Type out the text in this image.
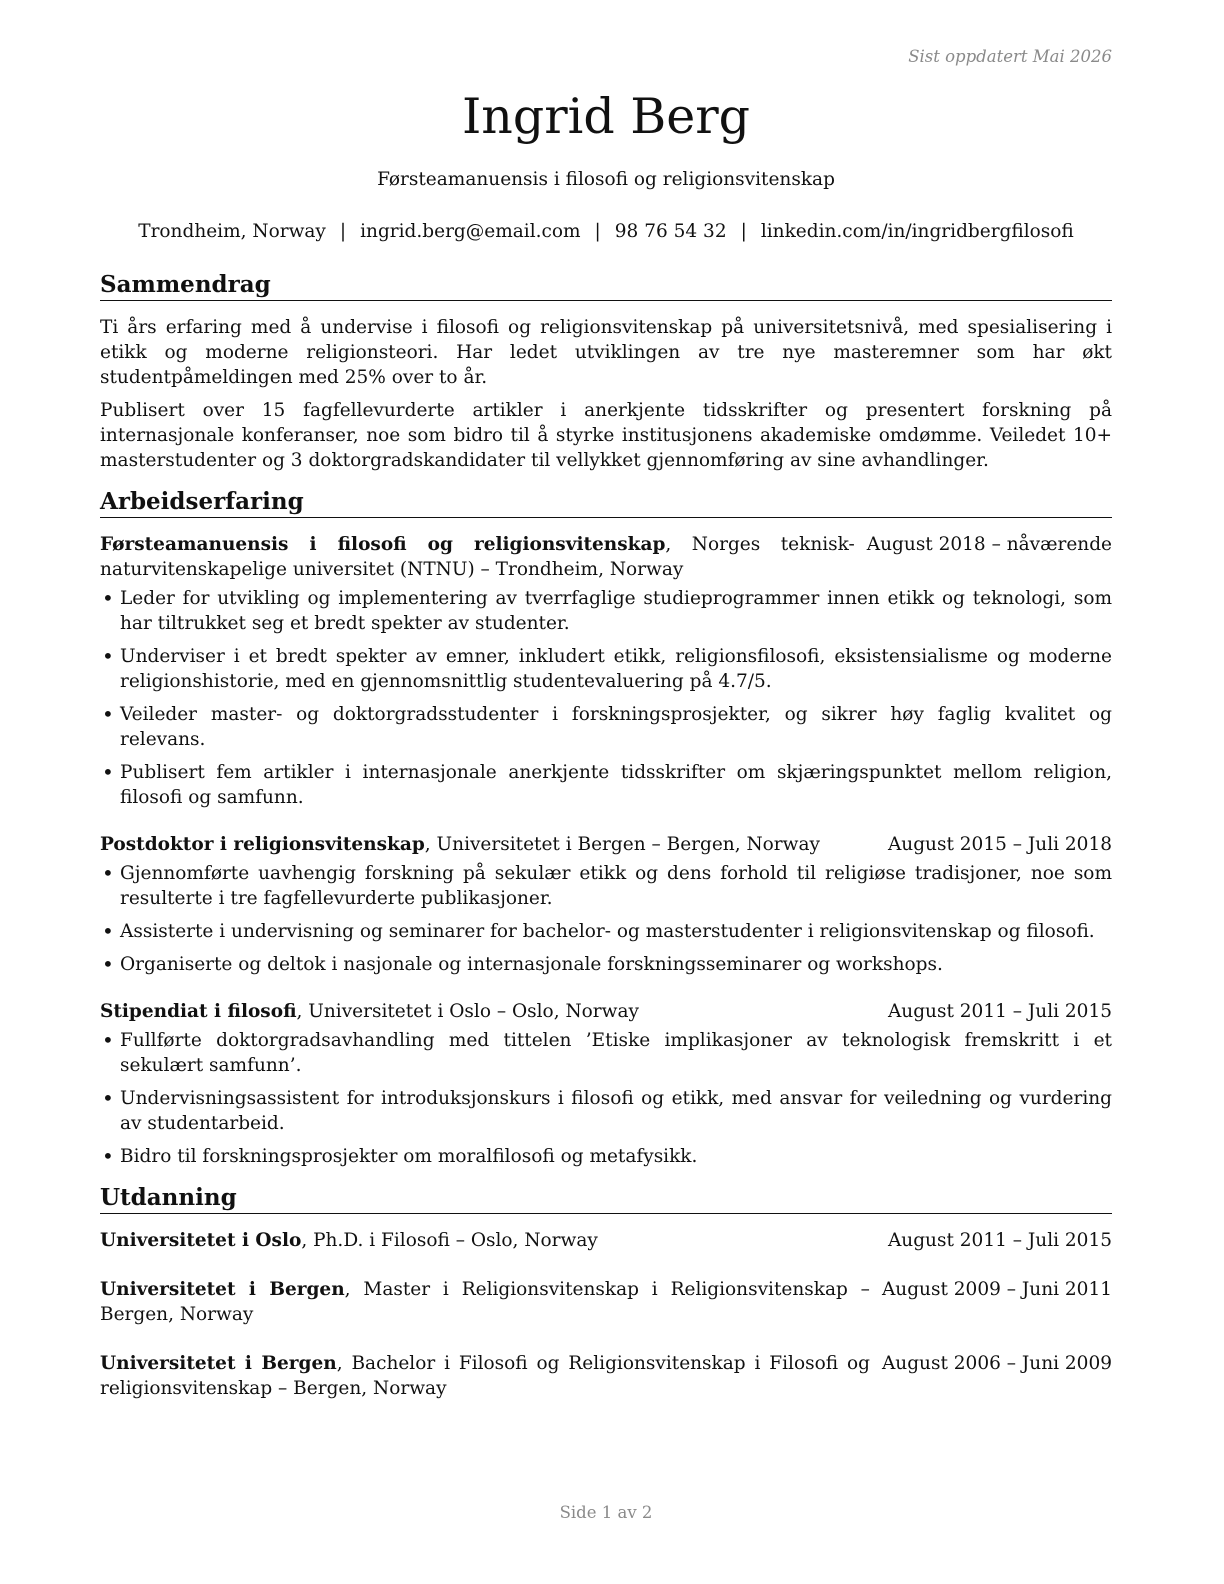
Sist oppdatert Mai 2026
Ingrid Berg
Førsteamanuensis i filosofi og religionsvitenskap
Trondheim, Norway | ingrid.berg@email.com | 98 76 54 32 | linkedin.com/in/ingridbergfilosofi
Sammendrag

Ti års erfaring med å undervise i filosofi og religionsvitenskap på universitetsnivå, med spesialisering i etikk og moderne religionsteori. Har ledet utviklingen av tre nye masteremner som har økt studentpåmeldingen med 25% over to år.

Publisert over 15 fagfellevurderte artikler i anerkjente tidsskrifter og presentert forskning på internasjonale konferanser, noe som bidro til å styrke institusjonens akademiske omdømme. Veiledet 10+ masterstudenter og 3 doktorgradskandidater til vellykket gjennomføring av sine avhandlinger.

Arbeidserfaring
Førsteamanuensis i filosofi og religionsvitenskap, Norges teknisk-naturvitenskapelige universitet (NTNU) – Trondheim, Norway
August 2018 – nåværende
• Leder for utvikling og implementering av tverrfaglige studieprogrammer innen etikk og teknologi, som har tiltrukket seg et bredt spekter av studenter.
• Underviser i et bredt spekter av emner, inkludert etikk, religionsfilosofi, eksistensialisme og moderne religionshistorie, med en gjennomsnittlig studentevaluering på 4.7/5.
• Veileder master- og doktorgradsstudenter i forskningsprosjekter, og sikrer høy faglig kvalitet og relevans.
• Publisert fem artikler i internasjonale anerkjente tidsskrifter om skjæringspunktet mellom religion, filosofi og samfunn.
Postdoktor i religionsvitenskap, Universitetet i Bergen – Bergen, Norway	August 2015 – Juli 2018
• Gjennomførte uavhengig forskning på sekulær etikk og dens forhold til religiøse tradisjoner, noe som resulterte i tre fagfellevurderte publikasjoner.
• Assisterte i undervisning og seminarer for bachelor- og masterstudenter i religionsvitenskap og filosofi.
• Organiserte og deltok i nasjonale og internasjonale forskningsseminarer og workshops.
Stipendiat i filosofi, Universitetet i Oslo – Oslo, Norway	August 2011 – Juli 2015
• Fullførte doktorgradsavhandling med tittelen ’Etiske implikasjoner av teknologisk fremskritt i et sekulært samfunn’.
• Undervisningsassistent for introduksjonskurs i filosofi og etikk, med ansvar for veiledning og vurdering av studentarbeid.
• Bidro til forskningsprosjekter om moralfilosofi og metafysikk.
Utdanning
Universitetet i Oslo, Ph.D. i Filosofi – Oslo, Norway	August 2011 – Juli 2015
Universitetet i Bergen, Master i Religionsvitenskap i Religionsvitenskap – Bergen, Norway
August 2009 – Juni 2011
Universitetet i Bergen, Bachelor i Filosofi og Religionsvitenskap i Filosofi og religionsvitenskap – Bergen, Norway
August 2006 – Juni 2009
Side 1 av 2
